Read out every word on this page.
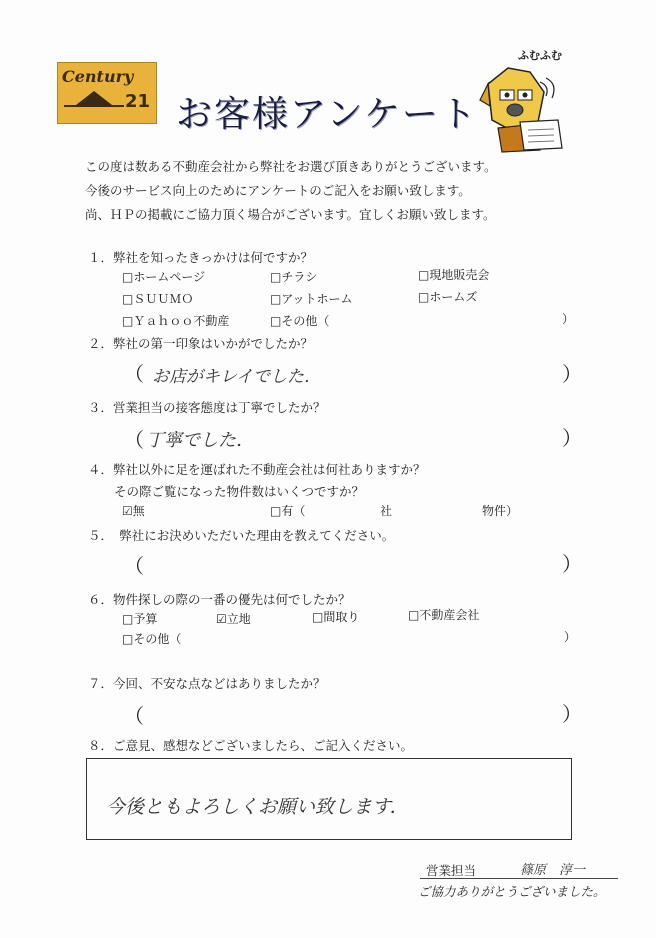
Century
21 お客様アンケート
ふむふむ
この度は数ある不動産会社から弊社をお選び頂きありがとうございます。
今後のサービス向上のためにアンケートのご記入をお願い致します。
尚、ＨＰの掲載にご協力頂く場合がございます。宜しくお願い致します。
１．弊社を知ったきっかけは何ですか？
□ホームページ	□チラシ	□現地販売会
□ＳＵＵＭＯ	□アットホーム	□ホームズ
□Ｙａｈｏｏ不動産	□その他（	）
２．弊社の第一印象はいかがでしたか？
（ お店がキレイでした．	）
３．営業担当の接客態度は丁寧でしたか？
（ 丁寧でした．	）
４．弊社以外に足を運ばれた不動産会社は何社ありますか？
その際ご覧になった物件数はいくつですか？
☑無	□有（	社	物件）
５．　弊社にお決めいただいた理由を教えてください。
（	）
６．物件探しの際の一番の優先は何でしたか？
□予算	☑立地	□間取り	□不動産会社
□その他（	）
７．今回、不安な点などはありましたか？
（	）
８．ご意見、感想などございましたら、ご記入ください。
今後ともよろしくお願い致します．
営業担当	篠原　淳一
ご協力ありがとうございました。
